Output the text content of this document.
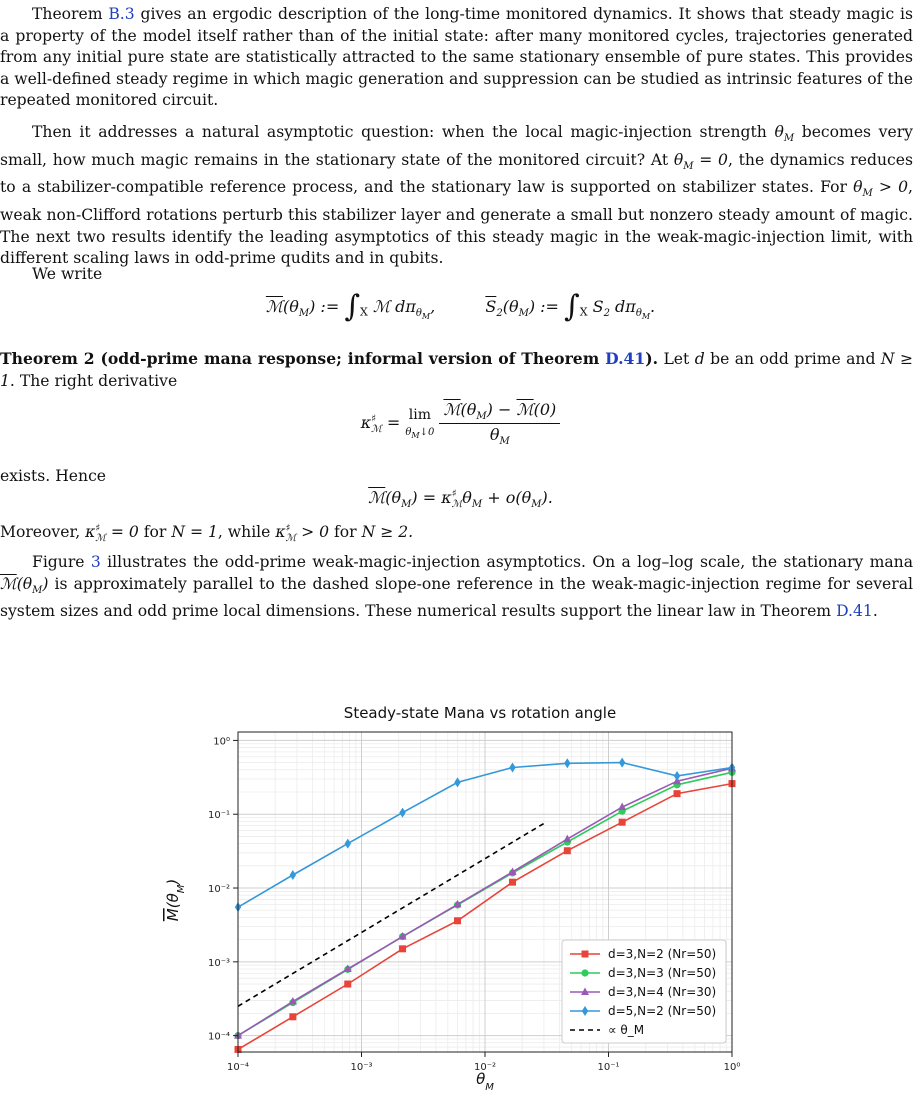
Theorem B.3 gives an ergodic description of the long-time monitored dynamics. It shows that steady magic is a property of the model itself rather than of the initial state: after many monitored cycles, trajectories generated from any initial pure state are statistically attracted to the same stationary ensemble of pure states. This provides a well-defined steady regime in which magic generation and suppression can be studied as intrinsic features of the repeated monitored circuit.

Then it addresses a natural asymptotic question: when the local magic-injection strength $\theta_M$ becomes very small, how much magic remains in the stationary state of the monitored circuit? At $\theta_M = 0$, the dynamics reduces to a stabilizer-compatible reference process, and the stationary law is supported on stabilizer states. For $\theta_M > 0$, weak non-Clifford rotations perturb this stabilizer layer and generate a small but nonzero steady amount of magic. The next two results identify the leading asymptotics of this steady magic in the weak-magic-injection limit, with different scaling laws in odd-prime qudits and in qubits.

We write

$ℳ(\theta_M)$ := $\int_X$ ℳ $d\pi_{\theta_M}$,	$\overline{S}_2(\theta_M)$ := $\int_X$ $S_2$ $d\pi_{\theta_M}$.

Theorem 2 (odd-prime mana response; informal version of Theorem D.41). Let d be an odd prime and N ≥ 1. The right derivative

$\kappa^♯_ℳ = \lim$
$\theta_M↓0 \frac{ℳ(\theta_M) - ℳ(0)}{\theta_M}$

exists. Hence

$ℳ(\theta_M) = \kappa^♯_ℳ\theta_M + o(\theta_M)$.

Moreover, $\kappa^♯_ℳ = 0$ for N = 1, while $\kappa^♯_ℳ > 0$ for N ≥ 2.

Figure 3 illustrates the odd-prime weak-magic-injection asymptotics. On a log–log scale, the stationary mana $ℳ(\theta_M)$ is approximately parallel to the dashed slope-one reference in the weak-magic-injection regime for several system sizes and odd prime local dimensions. These numerical results support the linear law in Theorem D.41.

Steady-state Mana vs rotation angle
10⁻⁴	10⁻³	10⁻²	10⁻¹	10⁰
10⁻⁴
10⁻³
10⁻²
10⁻¹
10⁰
d=3,N=2 (Nr=50)
d=3,N=3 (Nr=50)
d=3,N=4 (Nr=30)
d=5,N=2 (Nr=50)
∝ θ_M
$\theta_M$
$M(\theta_M)$
